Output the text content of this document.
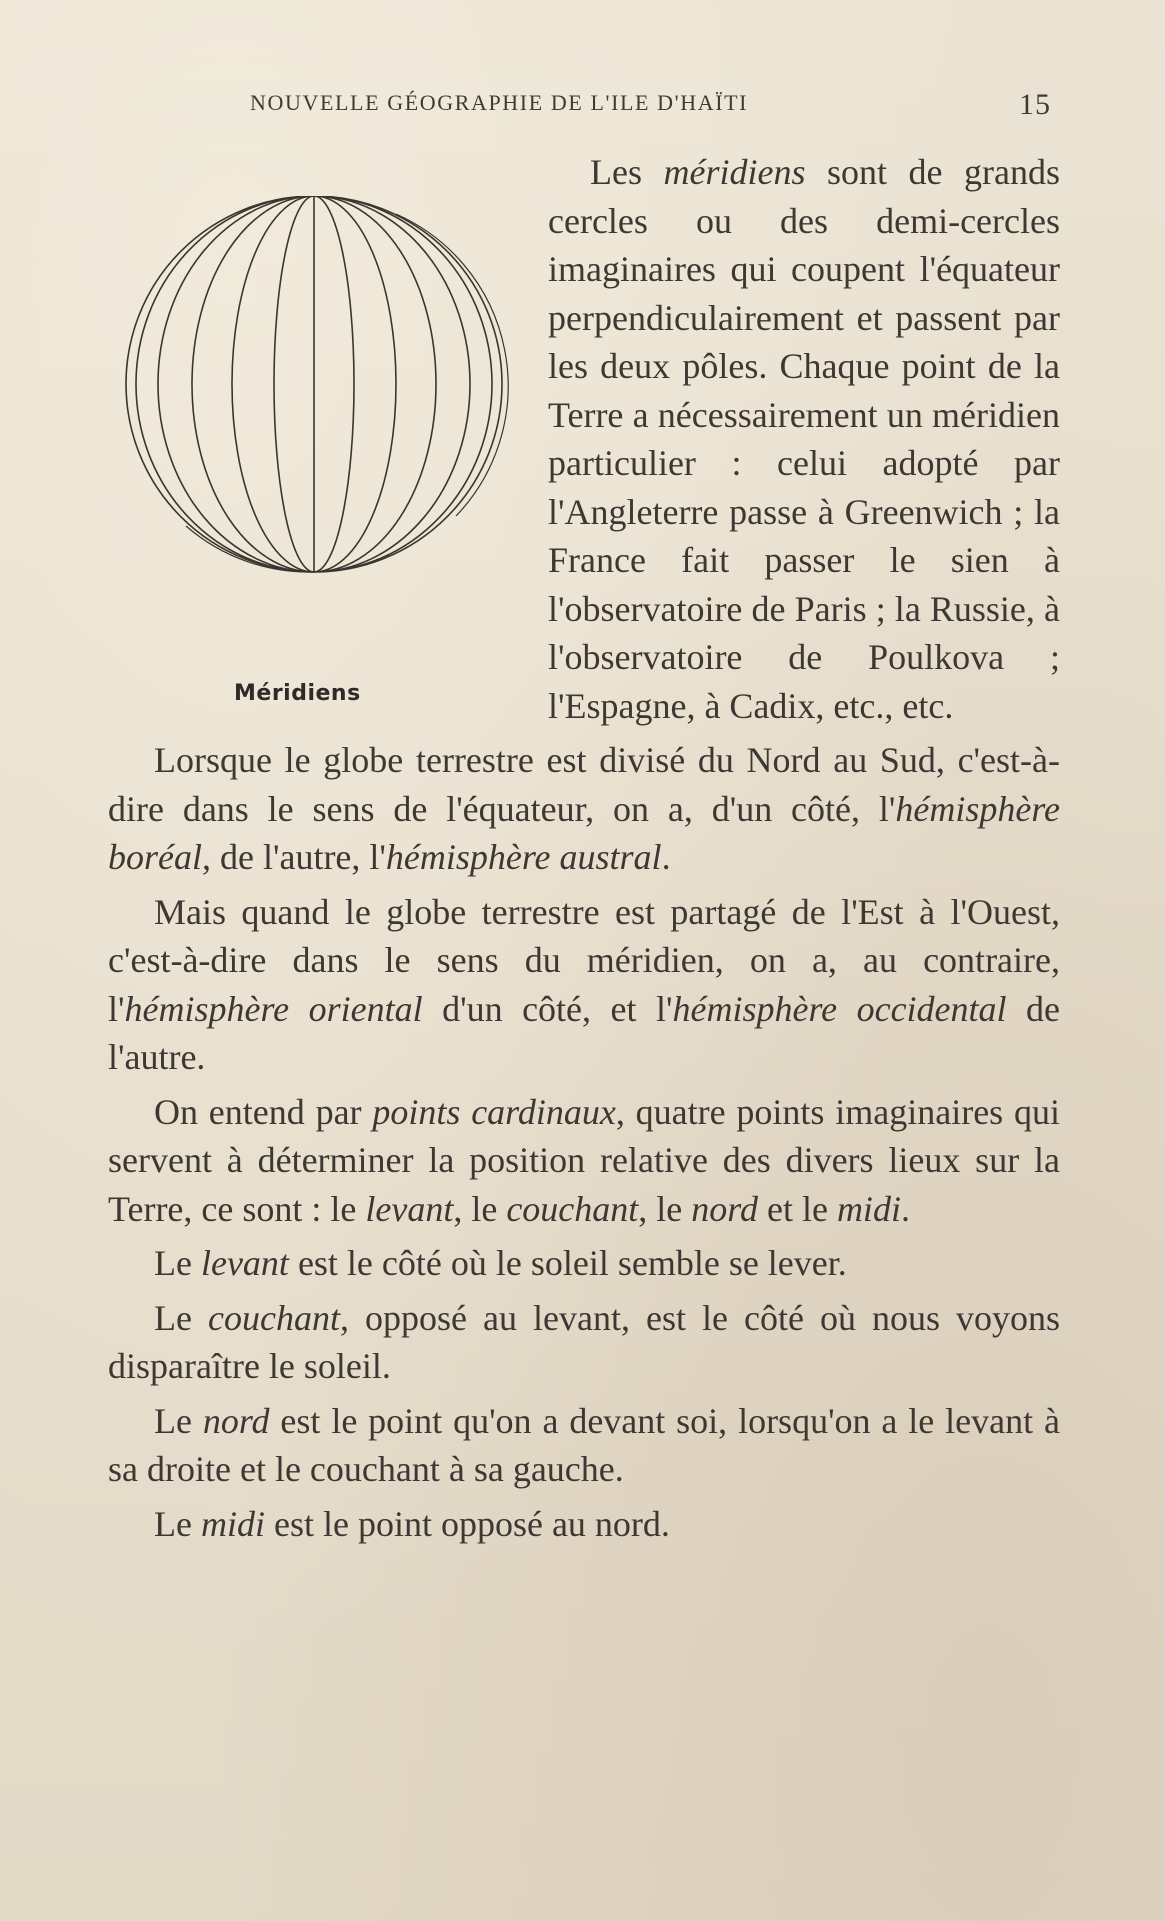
NOUVELLE GÉOGRAPHIE DE L'ILE D'HAÏTI	15
Méridiens

Les méridiens sont de grands cercles ou des demi-cercles imaginaires qui coupent l'équateur perpendiculairement et passent par les deux pôles. Chaque point de la Terre a nécessairement un méridien particulier : celui adopté par l'Angleterre passe à Greenwich ; la France fait passer le sien à l'observatoire de Paris ; la Russie, à l'observatoire de Poulkova ; l'Espagne, à Cadix, etc., etc.

Lorsque le globe terrestre est divisé du Nord au Sud, c'est-à-dire dans le sens de l'équateur, on a, d'un côté, l'hémisphère boréal, de l'autre, l'hémisphère austral.

Mais quand le globe terrestre est partagé de l'Est à l'Ouest, c'est-à-dire dans le sens du méridien, on a, au contraire, l'hémisphère oriental d'un côté, et l'hémisphère occidental de l'autre.

On entend par points cardinaux, quatre points imaginaires qui servent à déterminer la position relative des divers lieux sur la Terre, ce sont : le levant, le couchant, le nord et le midi.

Le levant est le côté où le soleil semble se lever.

Le couchant, opposé au levant, est le côté où nous voyons disparaître le soleil.

Le nord est le point qu'on a devant soi, lorsqu'on a le levant à sa droite et le couchant à sa gauche.

Le midi est le point opposé au nord.
